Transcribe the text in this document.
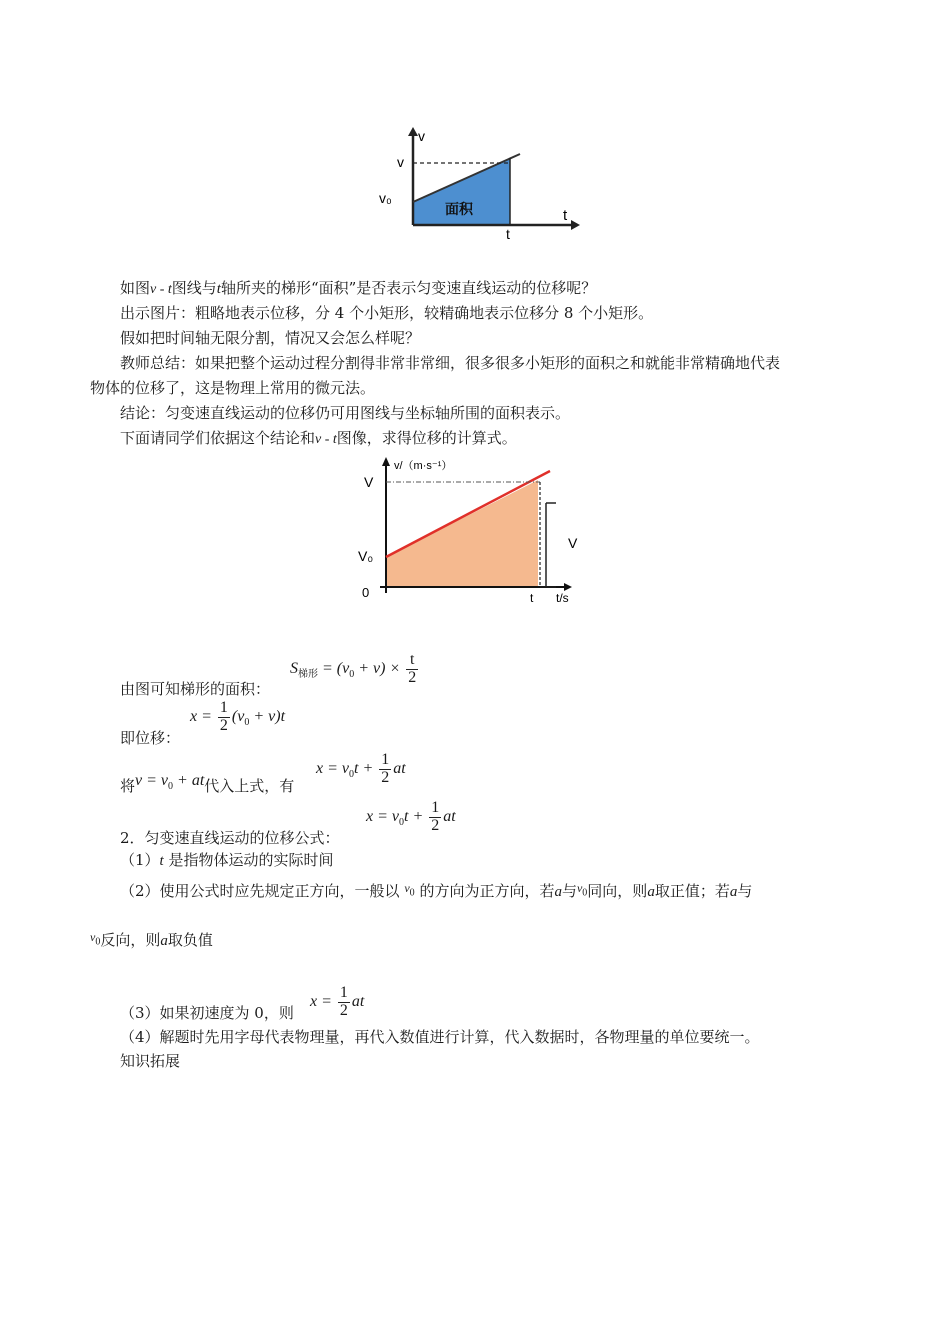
v
v
v₀
面积
t
t
如图v - t图线与t轴所夹的梯形“面积”是否表示匀变速直线运动的位移呢？
出示图片：粗略地表示位移，分 4 个小矩形，较精确地表示位移分 8 个小矩形。
假如把时间轴无限分割，情况又会怎么样呢？
教师总结：如果把整个运动过程分割得非常非常细，很多很多小矩形的面积之和就能非常精确地代表
物体的位移了，这是物理上常用的微元法。
结论：匀变速直线运动的位移仍可用图线与坐标轴所围的面积表示。
下面请同学们依据这个结论和v - t图像，求得位移的计算式。
v/（m·s⁻¹）
V
V₀
0
V
t t/s
$S_{梯形} = (v_0 + v) \times \frac{t}{2}$
由图可知梯形的面积：
$x = \frac{1}{2} (v_0 + v)t$
即位移：
将$v = v_0$ + at代入上式，有
$x = v_0t + \frac{1}{2}$ at
$x = v_0t + \frac{1}{2}$ at
2．匀变速直线运动的位移公式：
（1）t 是指物体运动的实际时间
（2）使用公式时应先规定正方向，一般以 $^{v_0}$ 的方向为正方向，若a与$^{v_0}$同向，则a取正值；若a与
$^{v_0}$反向，则a取负值
$x = \frac{1}{2}$ at
（3）如果初速度为 0，则
（4）解题时先用字母代表物理量，再代入数值进行计算，代入数据时，各物理量的单位要统一。
知识拓展
